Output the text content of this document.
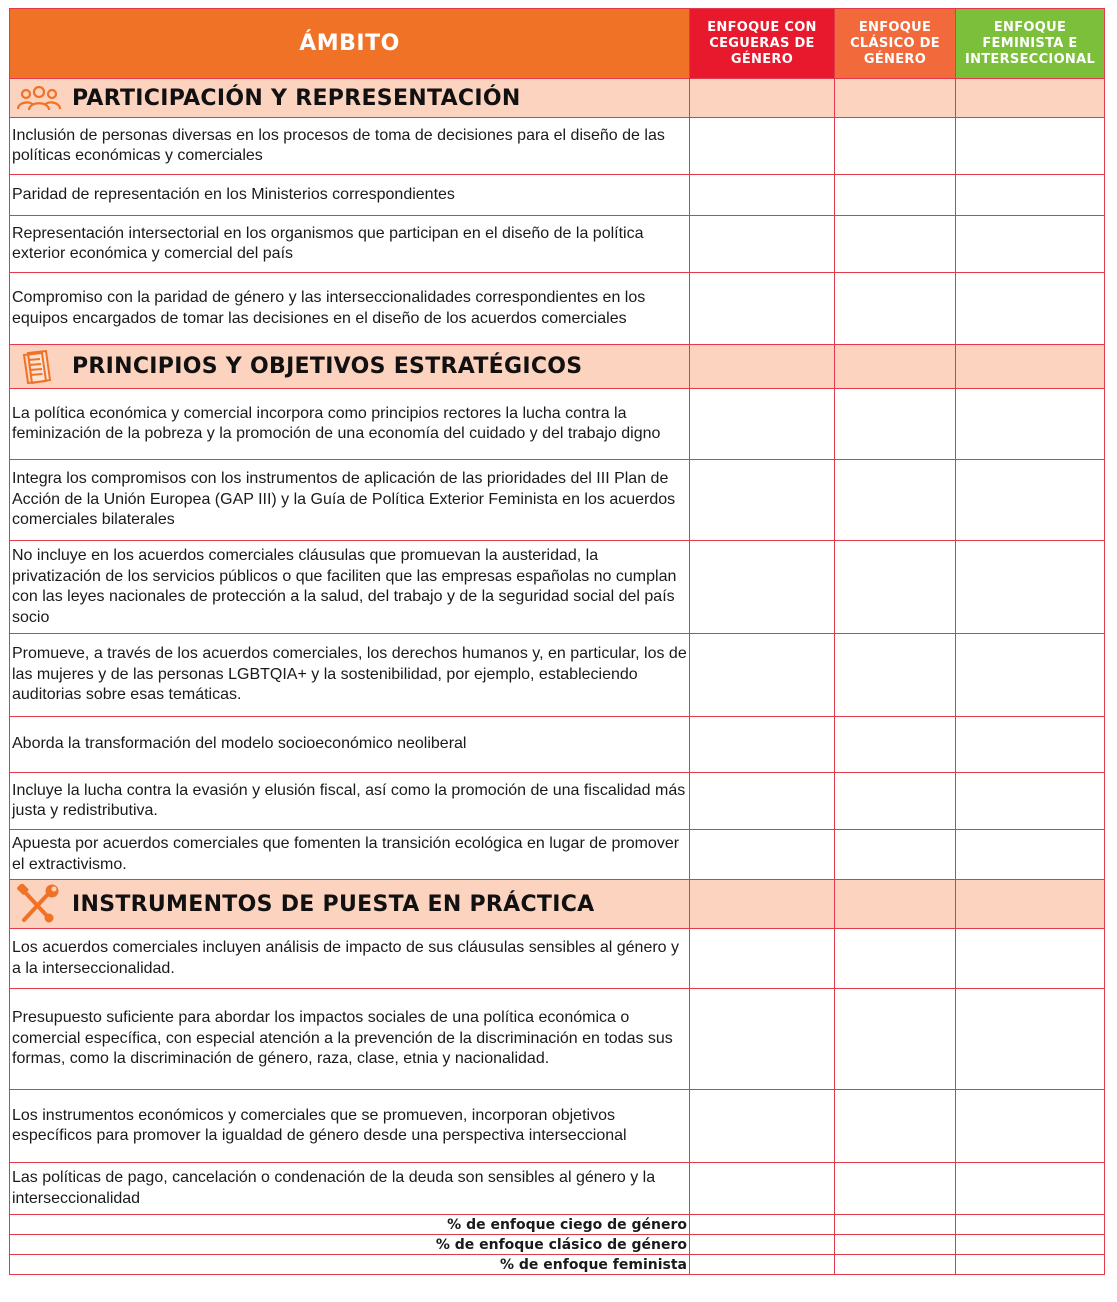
ÁMBITO	ENFOQUE CON CEGUERAS DE GÉNERO	ENFOQUE CLÁSICO DE GÉNERO	ENFOQUE FEMINISTA E INTERSECCIONAL

PARTICIPACIÓN Y REPRESENTACIÓN			

Inclusión de personas diversas en los procesos de toma de decisiones para el diseño de las políticas económicas y comerciales			

Paridad de representación en los Ministerios correspondientes			

Representación intersectorial en los organismos que participan en el diseño de la política exterior económica y comercial del país			

Compromiso con la paridad de género y las interseccionalidades correspondientes en los equipos encargados de tomar las decisiones en el diseño de los acuerdos comerciales			

PRINCIPIOS Y OBJETIVOS ESTRATÉGICOS			

La política económica y comercial incorpora como principios rectores la lucha contra la feminización de la pobreza y la promoción de una economía del cuidado y del trabajo digno			

Integra los compromisos con los instrumentos de aplicación de las prioridades del III Plan de Acción de la Unión Europea (GAP III) y la Guía de Política Exterior Feminista en los acuerdos comerciales bilaterales			

No incluye en los acuerdos comerciales cláusulas que promuevan la austeridad, la privatización de los servicios públicos o que faciliten que las empresas españolas no cumplan con las leyes nacionales de protección a la salud, del trabajo y de la seguridad social del país socio			

Promueve, a través de los acuerdos comerciales, los derechos humanos y, en particular, los de las mujeres y de las personas LGBTQIA+ y la sostenibilidad, por ejemplo, estableciendo auditorias sobre esas temáticas.			

Aborda la transformación del modelo socioeconómico neoliberal			

Incluye la lucha contra la evasión y elusión fiscal, así como la promoción de una fiscalidad más justa y redistributiva.			

Apuesta por acuerdos comerciales que fomenten la transición ecológica en lugar de promover el extractivismo.			

INSTRUMENTOS DE PUESTA EN PRÁCTICA			

Los acuerdos comerciales incluyen análisis de impacto de sus cláusulas sensibles al género y a la interseccionalidad.			

Presupuesto suficiente para abordar los impactos sociales de una política económica o comercial específica, con especial atención a la prevención de la discriminación en todas sus formas, como la discriminación de género, raza, clase, etnia y nacionalidad.			

Los instrumentos económicos y comerciales que se promueven, incorporan objetivos específicos para promover la igualdad de género desde una perspectiva interseccional			

Las políticas de pago, cancelación o condenación de la deuda son sensibles al género y la interseccionalidad			

% de enfoque ciego de género			
% de enfoque clásico de género			
% de enfoque feminista			
